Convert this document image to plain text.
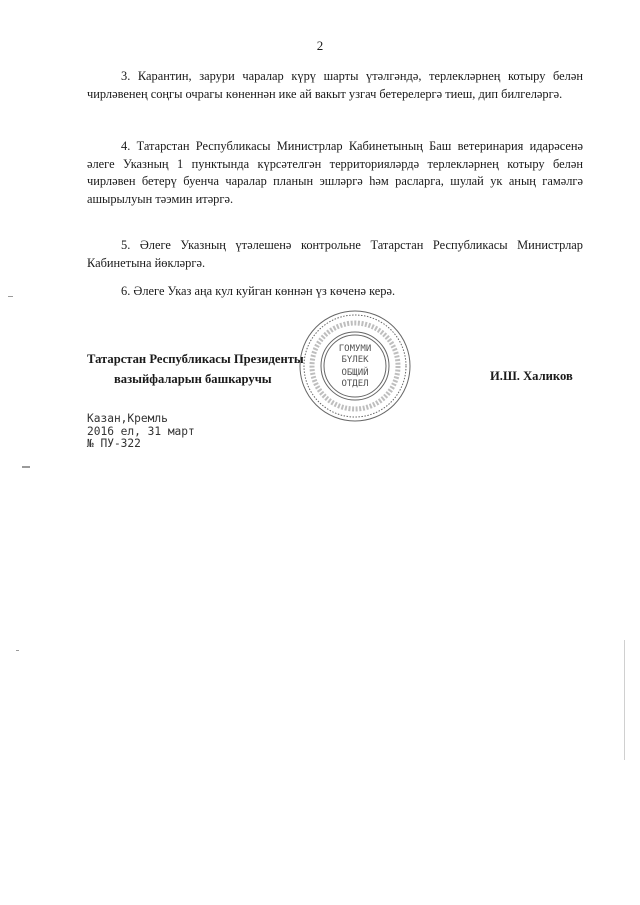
2

3. Карантин, зарури чаралар күрү шарты үтәлгәндә, терлекләрнең котыру белән чирләвенең соңгы очрагы көненнән ике ай вакыт узгач бетерелергә тиеш, дип билгеләргә.

4. Татарстан Республикасы Министрлар Кабинетының Баш ветеринария идарәсенә әлеге Указның 1 пунктында күрсәтелгән территорияләрдә терлекләрнең котыру белән чирләвен бетерү буенча чаралар планын эшләргә һәм расларга, шулай ук аның гамәлгә ашырылуын тәэмин итәргә.

5. Әлеге Указның үтәлешенә контрольне Татарстан Республикасы Министрлар Кабинетына йөкләргә.

6. Әлеге Указ аңа кул куйган көннән үз көченә керә.

ГОМУМИ
БҮЛЕК
ОБЩИЙ
ОТДЕЛ
Татарстан Республикасы Президенты
вазыйфаларын башкаручы	И.Ш. Халиков
Казан,Кремль
2016 ел, 31 март
№ ПУ-322
